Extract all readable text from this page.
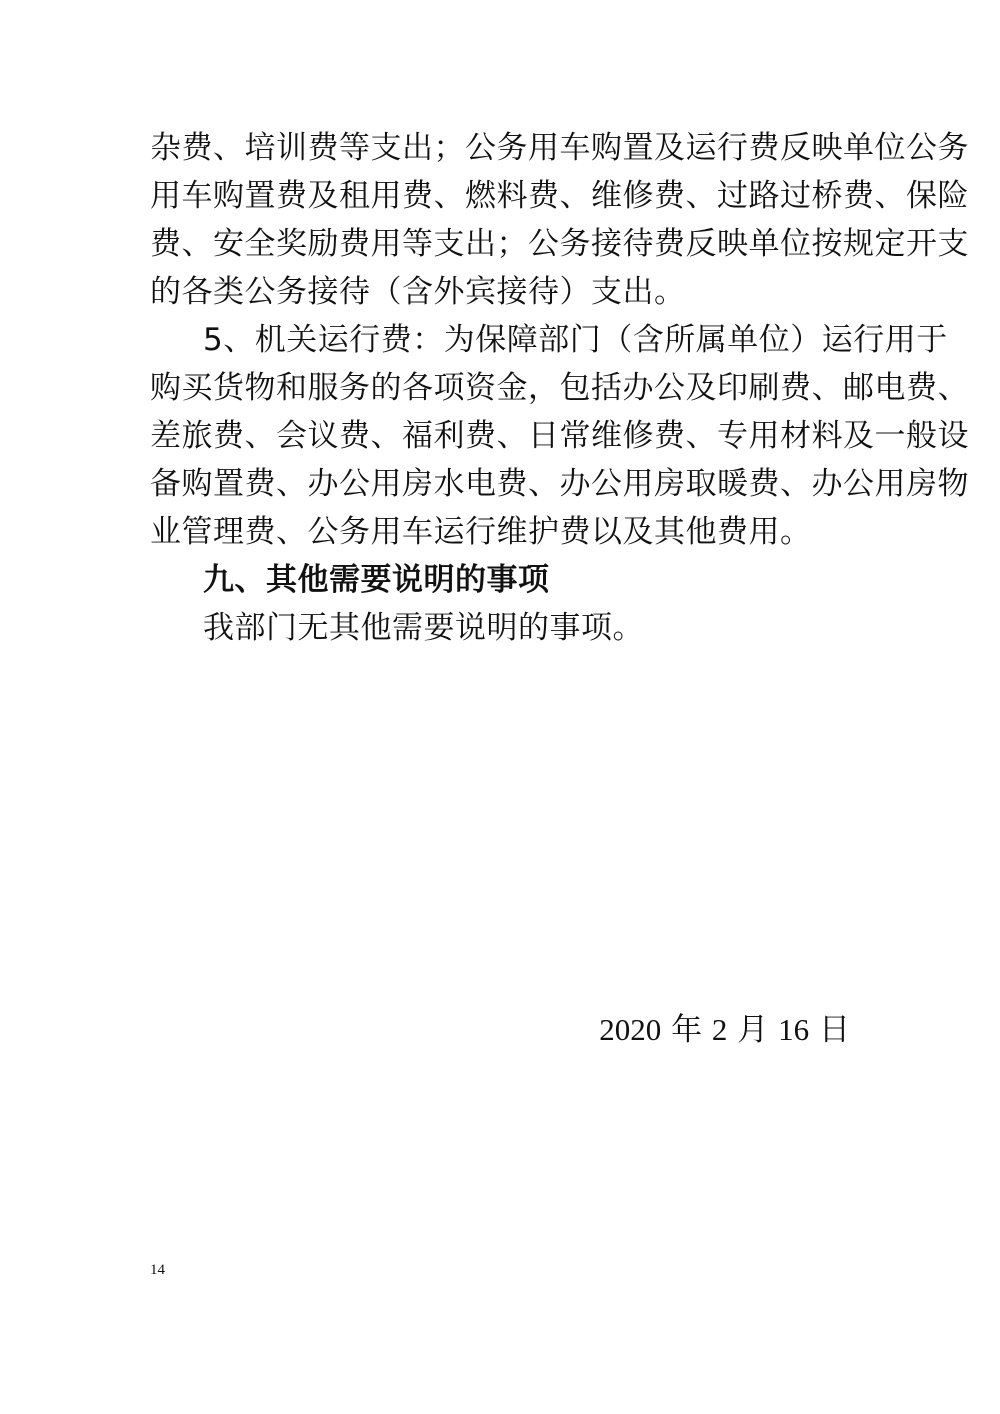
杂费、培训费等支出；公务用车购置及运行费反映单位公务
用车购置费及租用费、燃料费、维修费、过路过桥费、保险
费、安全奖励费用等支出；公务接待费反映单位按规定开支
的各类公务接待（含外宾接待）支出。
5、机关运行费：为保障部门（含所属单位）运行用于
购买货物和服务的各项资金，包括办公及印刷费、邮电费、
差旅费、会议费、福利费、日常维修费、专用材料及一般设
备购置费、办公用房水电费、办公用房取暖费、办公用房物
业管理费、公务用车运行维护费以及其他费用。
九、其他需要说明的事项
我部门无其他需要说明的事项。
2020 年 2 月 16 日
14
